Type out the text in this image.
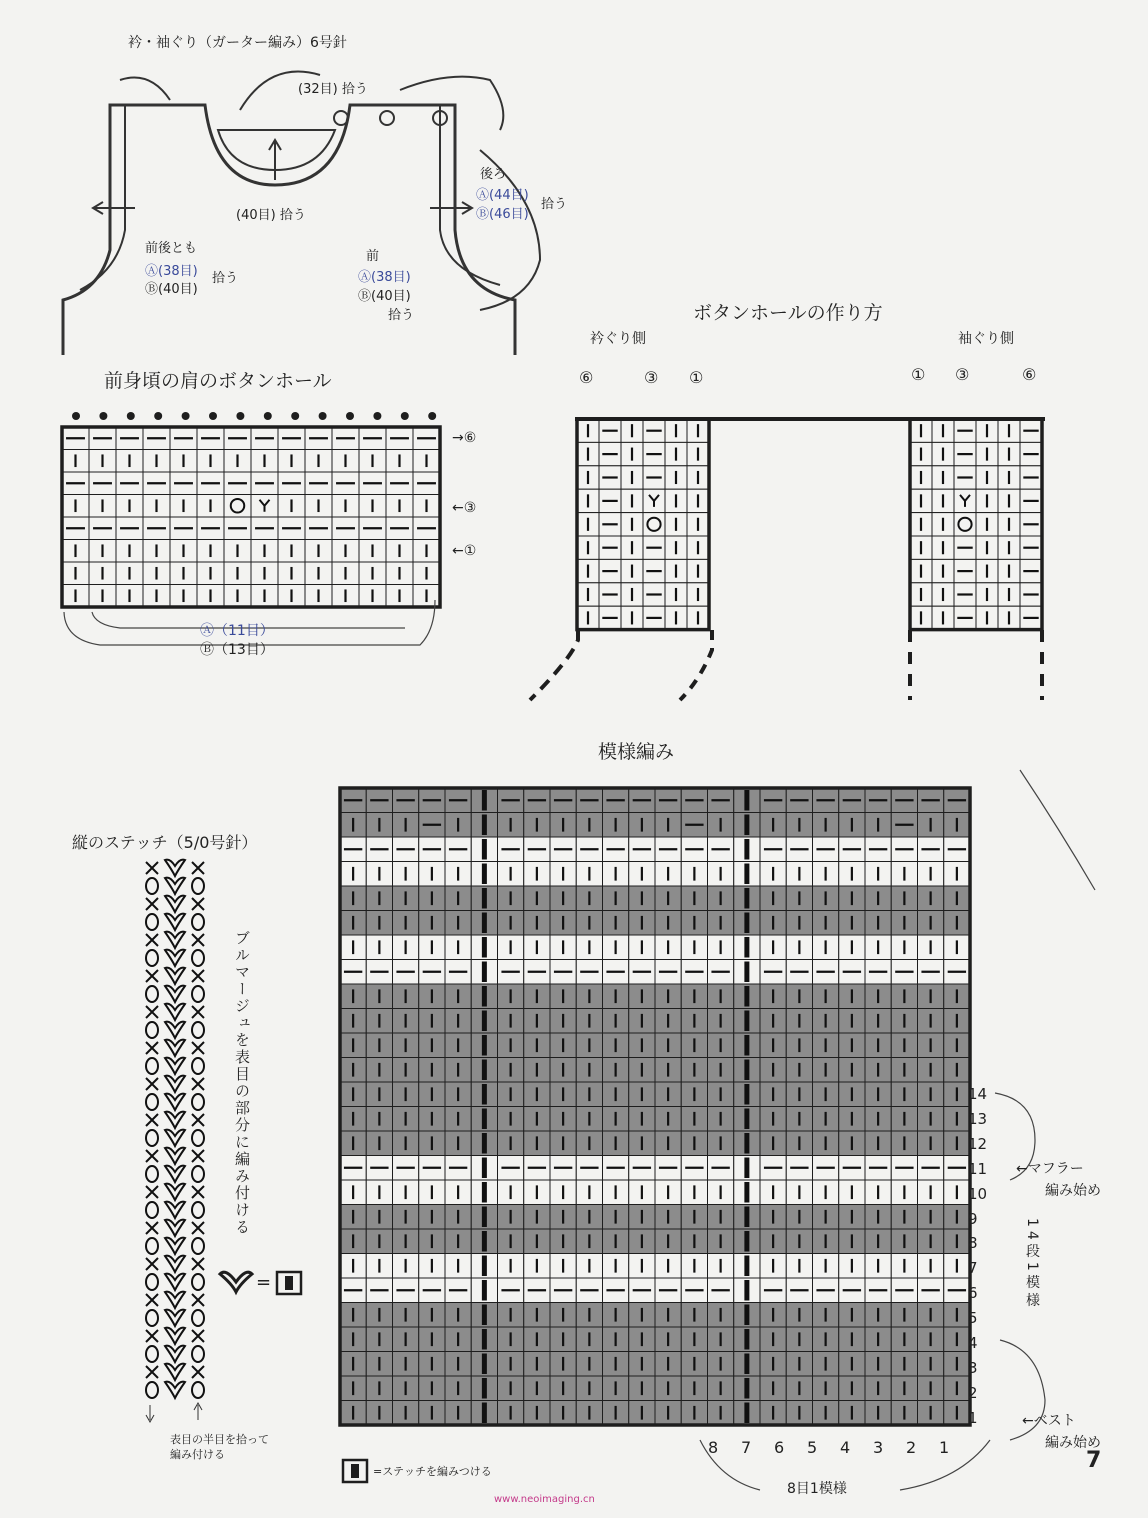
衿・袖ぐり（ガーター編み）6号針
(32目) 拾う
(40目) 拾う
後ろ
Ⓐ(44目)
Ⓑ(46目)
拾う
前後とも
Ⓐ(38目)
Ⓑ(40目)
拾う
前
Ⓐ(38目)
Ⓑ(40目)
拾う
前身頃の肩のボタンホール
→⑥
←③
←①
Ⓐ（11目）
Ⓑ（13目）
ボタンホールの作り方
衿ぐり側	袖ぐり側
⑥	③ ①	① ③	⑥
縦のステッチ（5/0号針）
ブルマージュを表目の部分に編み付ける
=
表目の半目を拾って
編み付ける
模様編み
14
13
12
11
10
9
8
7
6
5
4
3
2
1
8 7 6 5 4 3 2 1
←マフラー
編み始め
14段1模様
←ベスト
編み始め
8目1模様
=ステッチを編みつける	7
www.neoimaging.cn
